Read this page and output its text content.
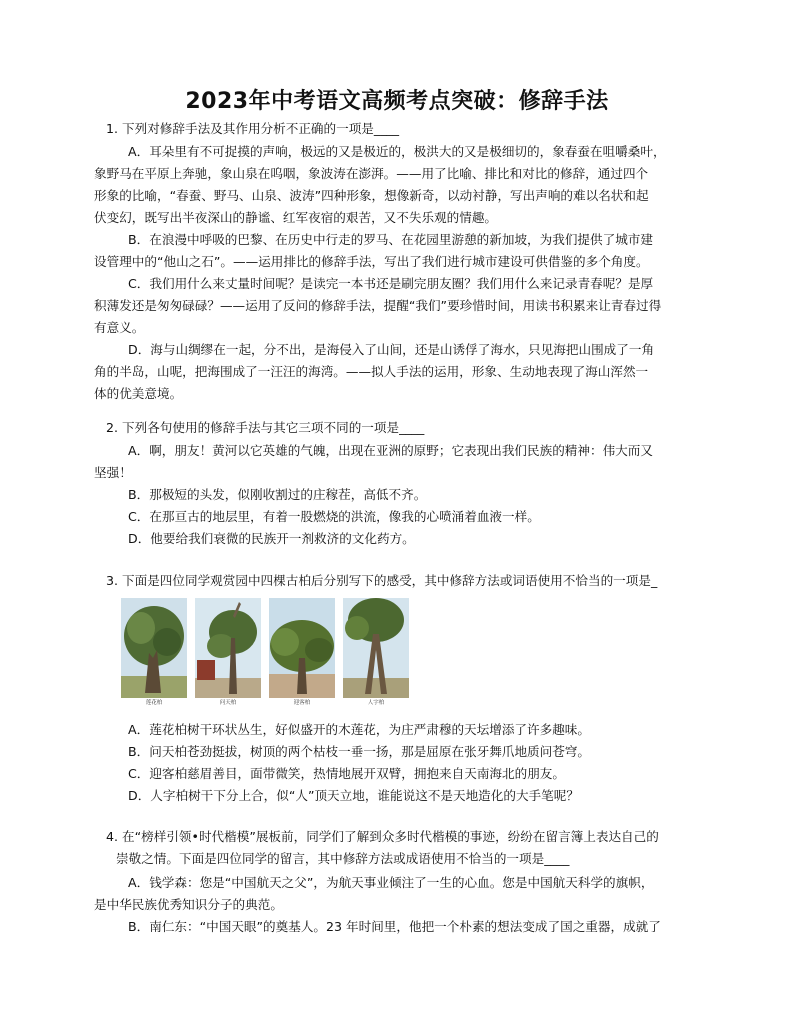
2023年中考语文高频考点突破：修辞手法
1. 下列对修辞手法及其作用分析不正确的一项是____
A．耳朵里有不可捉摸的声响，极远的又是极近的，极洪大的又是极细切的，象春蚕在咀嚼桑叶，
象野马在平原上奔驰，象山泉在呜咽，象波涛在澎湃。——用了比喻、排比和对比的修辞，通过四个
形象的比喻，“春蚕、野马、山泉、波涛”四种形象，想像新奇，以动衬静，写出声响的难以名状和起
伏变幻，既写出半夜深山的静谧、红军夜宿的艰苦，又不失乐观的情趣。
B．在浪漫中呼吸的巴黎、在历史中行走的罗马、在花园里游憩的新加坡，为我们提供了城市建
设管理中的“他山之石”。——运用排比的修辞手法，写出了我们进行城市建设可供借鉴的多个角度。
C．我们用什么来丈量时间呢？是读完一本书还是刷完朋友圈？我们用什么来记录青春呢？是厚
积薄发还是匆匆碌碌？——运用了反问的修辞手法，提醒“我们”要珍惜时间，用读书积累来让青春过得
有意义。
D．海与山绸缪在一起，分不出，是海侵入了山间，还是山诱俘了海水，只见海把山围成了一角
角的半岛，山呢，把海围成了一汪汪的海湾。——拟人手法的运用，形象、生动地表现了海山浑然一
体的优美意境。
2. 下列各句使用的修辞手法与其它三项不同的一项是____
A．啊，朋友！黄河以它英雄的气魄，出现在亚洲的原野；它表现出我们民族的精神：伟大而又
坚强！
B．那极短的头发，似刚收割过的庄稼茬，高低不齐。
C．在那亘古的地层里，有着一股燃烧的洪流，像我的心喷涌着血液一样。
D．他要给我们衰微的民族开一剂救济的文化药方。
3. 下面是四位同学观赏园中四棵古柏后分别写下的感受，其中修辞方法或词语使用不恰当的一项是_
莲花柏	问天柏	迎客柏	人字柏
A．莲花柏树干环状丛生，好似盛开的木莲花，为庄严肃穆的天坛增添了许多趣味。
B．问天柏苍劲挺拔，树顶的两个枯枝一垂一扬，那是屈原在张牙舞爪地质问苍穹。
C．迎客柏慈眉善目，面带微笑，热情地展开双臂，拥抱来自天南海北的朋友。
D．人字柏树干下分上合，似“人”顶天立地，谁能说这不是天地造化的大手笔呢？
4. 在“榜样引领•时代楷模”展板前，同学们了解到众多时代楷模的事迹，纷纷在留言簿上表达自己的
崇敬之情。下面是四位同学的留言，其中修辞方法或成语使用不恰当的一项是____
A．钱学森：您是“中国航天之父”，为航天事业倾注了一生的心血。您是中国航天科学的旗帜，
是中华民族优秀知识分子的典范。
B．南仁东：“中国天眼”的奠基人。23 年时间里，他把一个朴素的想法变成了国之重器，成就了
